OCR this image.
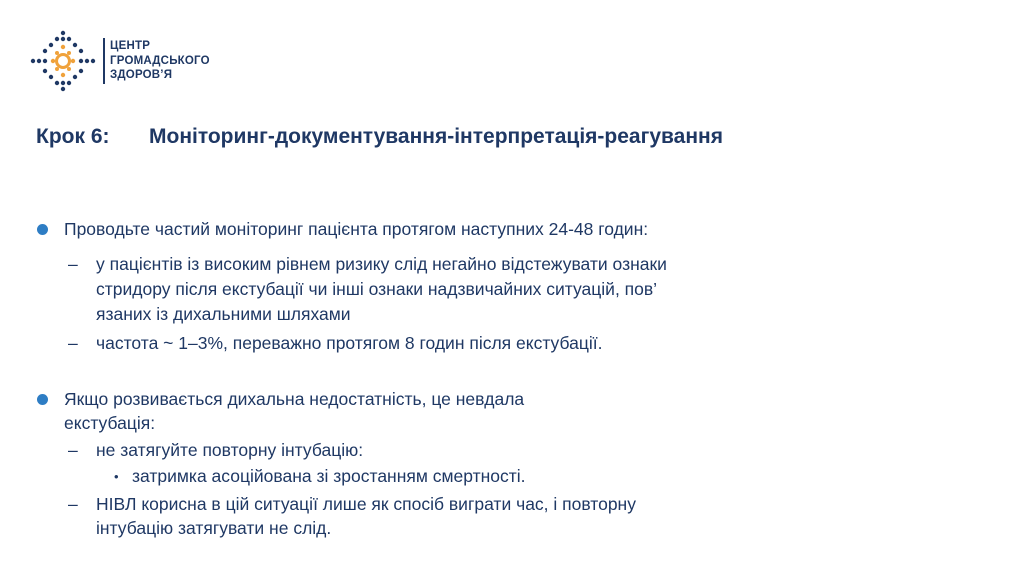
ЦЕНТР
ГРОМАДСЬКОГО
ЗДОРОВ’Я
Крок 6: Моніторинг-документування-інтерпретація-реагування
Проводьте частий моніторинг пацієнта протягом наступних 24-48 годин:
– у пацієнтів із високим рівнем ризику слід негайно відстежувати ознаки
стридору після екстубації чи інші ознаки надзвичайних ситуацій, пов’
язаних із дихальними шляхами
– частота ~ 1–3%, переважно протягом 8 годин після екстубації.
Якщо розвивається дихальна недостатність, це невдала
екстубація:
– не затягуйте повторну інтубацію:
• затримка асоційована зі зростанням смертності.
– НІВЛ корисна в цій ситуації лише як спосіб виграти час, і повторну
інтубацію затягувати не слід.
